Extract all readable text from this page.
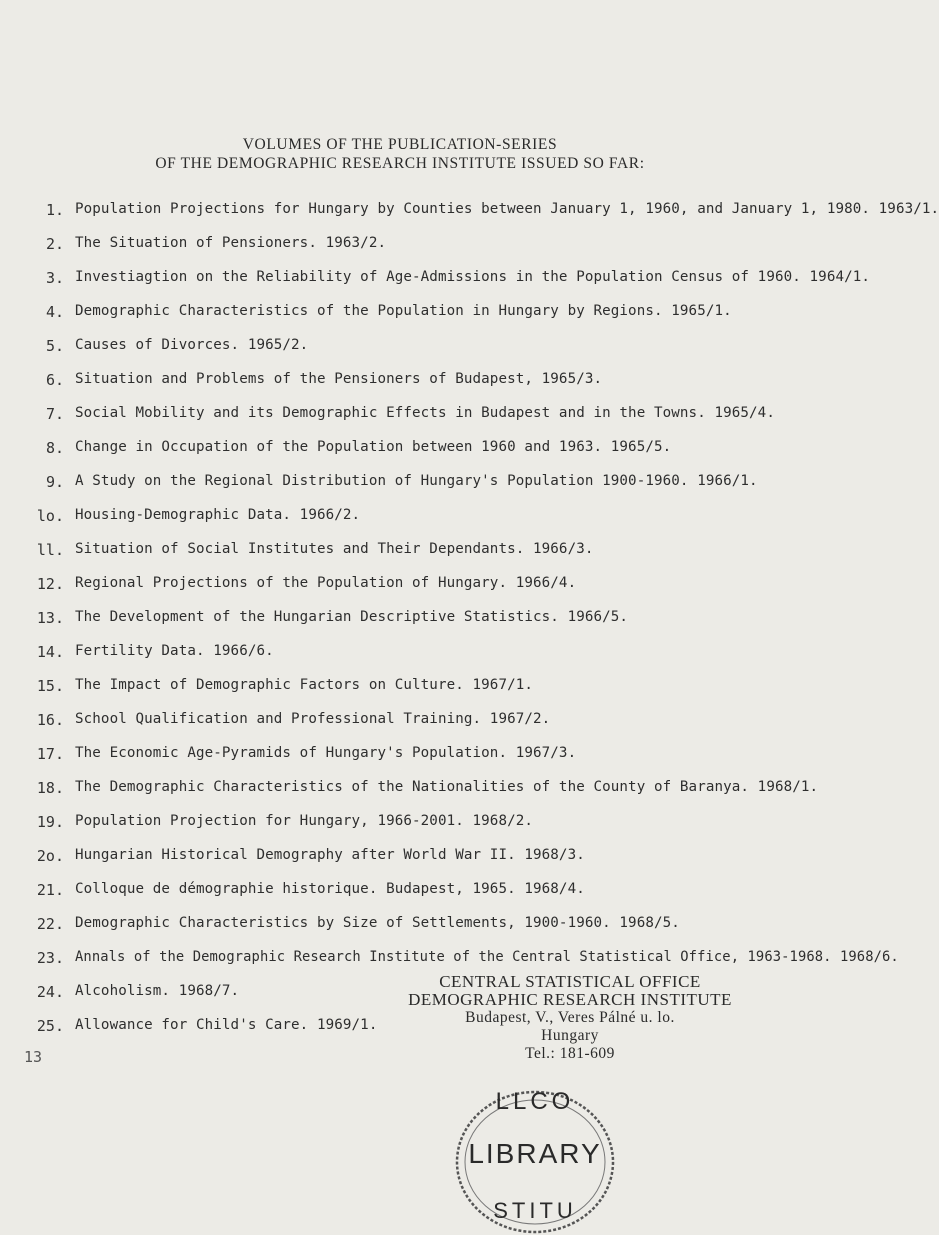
VOLUMES OF THE PUBLICATION-SERIES
OF THE DEMOGRAPHIC RESEARCH INSTITUTE ISSUED SO FAR:
1. Population Projections for Hungary by Counties between January 1, 1960, and January 1, 1980. 1963/1.
2. The Situation of Pensioners. 1963/2.
3. Investiagtion on the Reliability of Age-Admissions in the Population Census of 1960. 1964/1.
4. Demographic Characteristics of the Population in Hungary by Regions. 1965/1.
5. Causes of Divorces. 1965/2.
6. Situation and Problems of the Pensioners of Budapest, 1965/3.
7. Social Mobility and its Demographic Effects in Budapest and in the Towns. 1965/4.
8. Change in Occupation of the Population between 1960 and 1963. 1965/5.
9. A Study on the Regional Distribution of Hungary's Population 1900-1960. 1966/1.
lo. Housing-Demographic Data. 1966/2.
ll. Situation of Social Institutes and Their Dependants. 1966/3.
12. Regional Projections of the Population of Hungary. 1966/4.
13. The Development of the Hungarian Descriptive Statistics. 1966/5.
14. Fertility Data. 1966/6.
15. The Impact of Demographic Factors on Culture. 1967/1.
16. School Qualification and Professional Training. 1967/2.
17. The Economic Age-Pyramids of Hungary's Population. 1967/3.
18. The Demographic Characteristics of the Nationalities of the County of Baranya. 1968/1.
19. Population Projection for Hungary, 1966-2001. 1968/2.
2o. Hungarian Historical Demography after World War II. 1968/3.
21. Colloque de démographie historique. Budapest, 1965. 1968/4.
22. Demographic Characteristics by Size of Settlements, 1900-1960. 1968/5.
23. Annals of the Demographic Research Institute of the Central Statistical Office, 1963-1968. 1968/6.
24. Alcoholism. 1968/7.
25. Allowance for Child's Care. 1969/1.
13
CENTRAL STATISTICAL OFFICE
DEMOGRAPHIC RESEARCH INSTITUTE
Budapest, V., Veres Pálné u. lo.
Hungary
Tel.: 181-609
LLCO
LIBRARY
STITU
